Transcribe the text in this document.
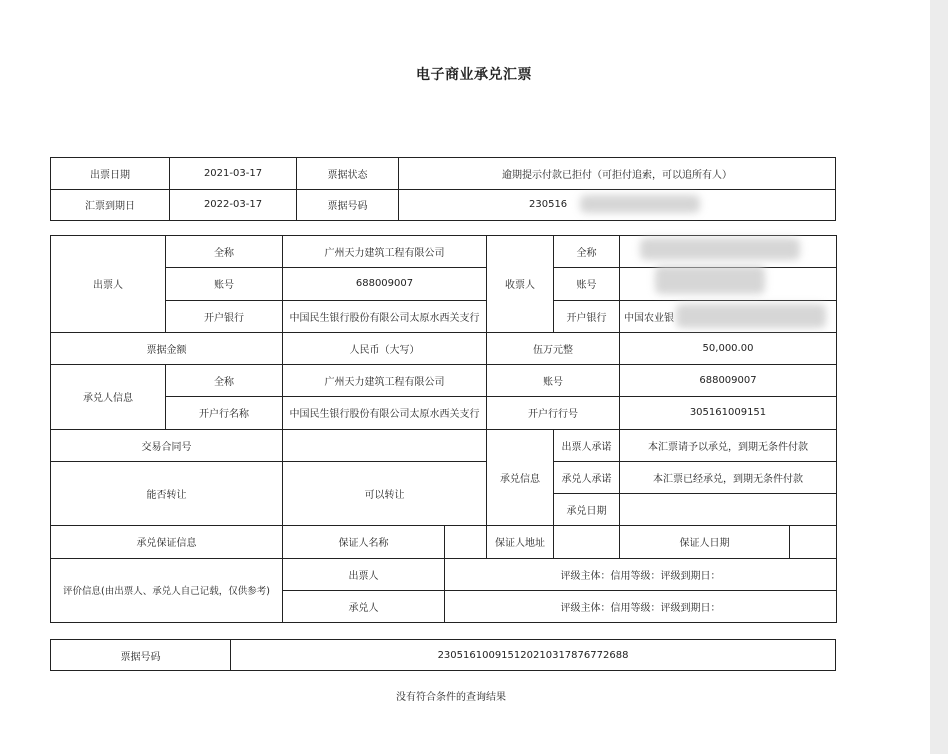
电子商业承兑汇票
出票日期	2021-03-17	票据状态	逾期提示付款已拒付（可拒付追索，可以追所有人）
汇票到期日	2022-03-17	票据号码	230516
出票人	全称	广州天力建筑工程有限公司		收票人	全称		
	账号	688009007			账号		
	开户银行	中国民生银行股份有限公司太原水西关支行			开户银行	中国农业银	
票据金额		人民币（大写）		伍万元整		50,000.00	
承兑人信息	全称	广州天力建筑工程有限公司		账号		688009007	
	开户行名称	中国民生银行股份有限公司太原水西关支行		开户行行号		305161009151	
交易合同号				承兑信息	出票人承诺	本汇票请予以承兑，到期无条件付款	
能否转让		可以转让			承兑人承诺	本汇票已经承兑，到期无条件付款	
					承兑日期		
承兑保证信息		保证人名称		保证人地址		保证人日期	
评价信息(由出票人、承兑人自己记载，仅供参考)		出票人	评级主体：信用等级：评级到期日：				
		承兑人	评级主体：信用等级：评级到期日：				
票据号码	230516100915120210317876772688
没有符合条件的查询结果
